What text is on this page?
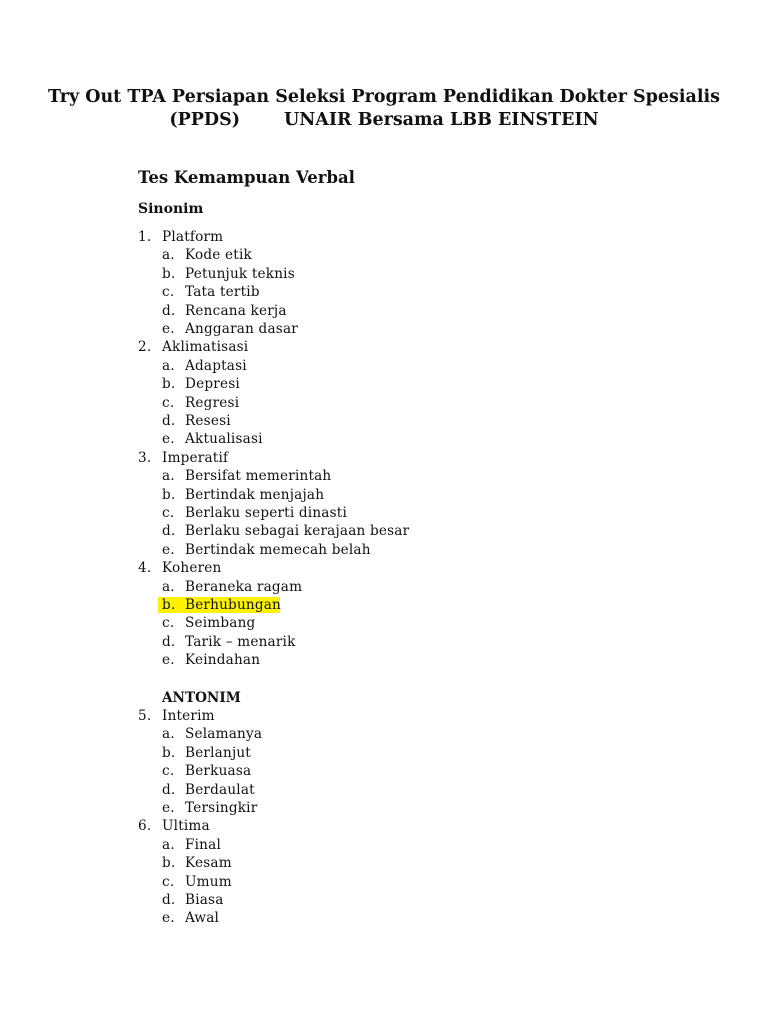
Try Out TPA Persiapan Seleksi Program Pendidikan Dokter Spesialis
(PPDS)	UNAIR Bersama LBB EINSTEIN
Tes Kemampuan Verbal
Sinonim
ANTONIM
1. Platform
a. Kode etik
b. Petunjuk teknis
c. Tata tertib
d. Rencana kerja
e. Anggaran dasar
2. Aklimatisasi
a. Adaptasi
b. Depresi
c. Regresi
d. Resesi
e. Aktualisasi
3. Imperatif
a. Bersifat memerintah
b. Bertindak menjajah
c. Berlaku seperti dinasti
d. Berlaku sebagai kerajaan besar
e. Bertindak memecah belah
4. Koheren
a. Beraneka ragam
b. Berhubungan
c. Seimbang
d. Tarik – menarik
e. Keindahan
5. Interim
a. Selamanya
b. Berlanjut
c. Berkuasa
d. Berdaulat
e. Tersingkir
6. Ultima
a. Final
b. Kesam
c. Umum
d. Biasa
e. Awal
